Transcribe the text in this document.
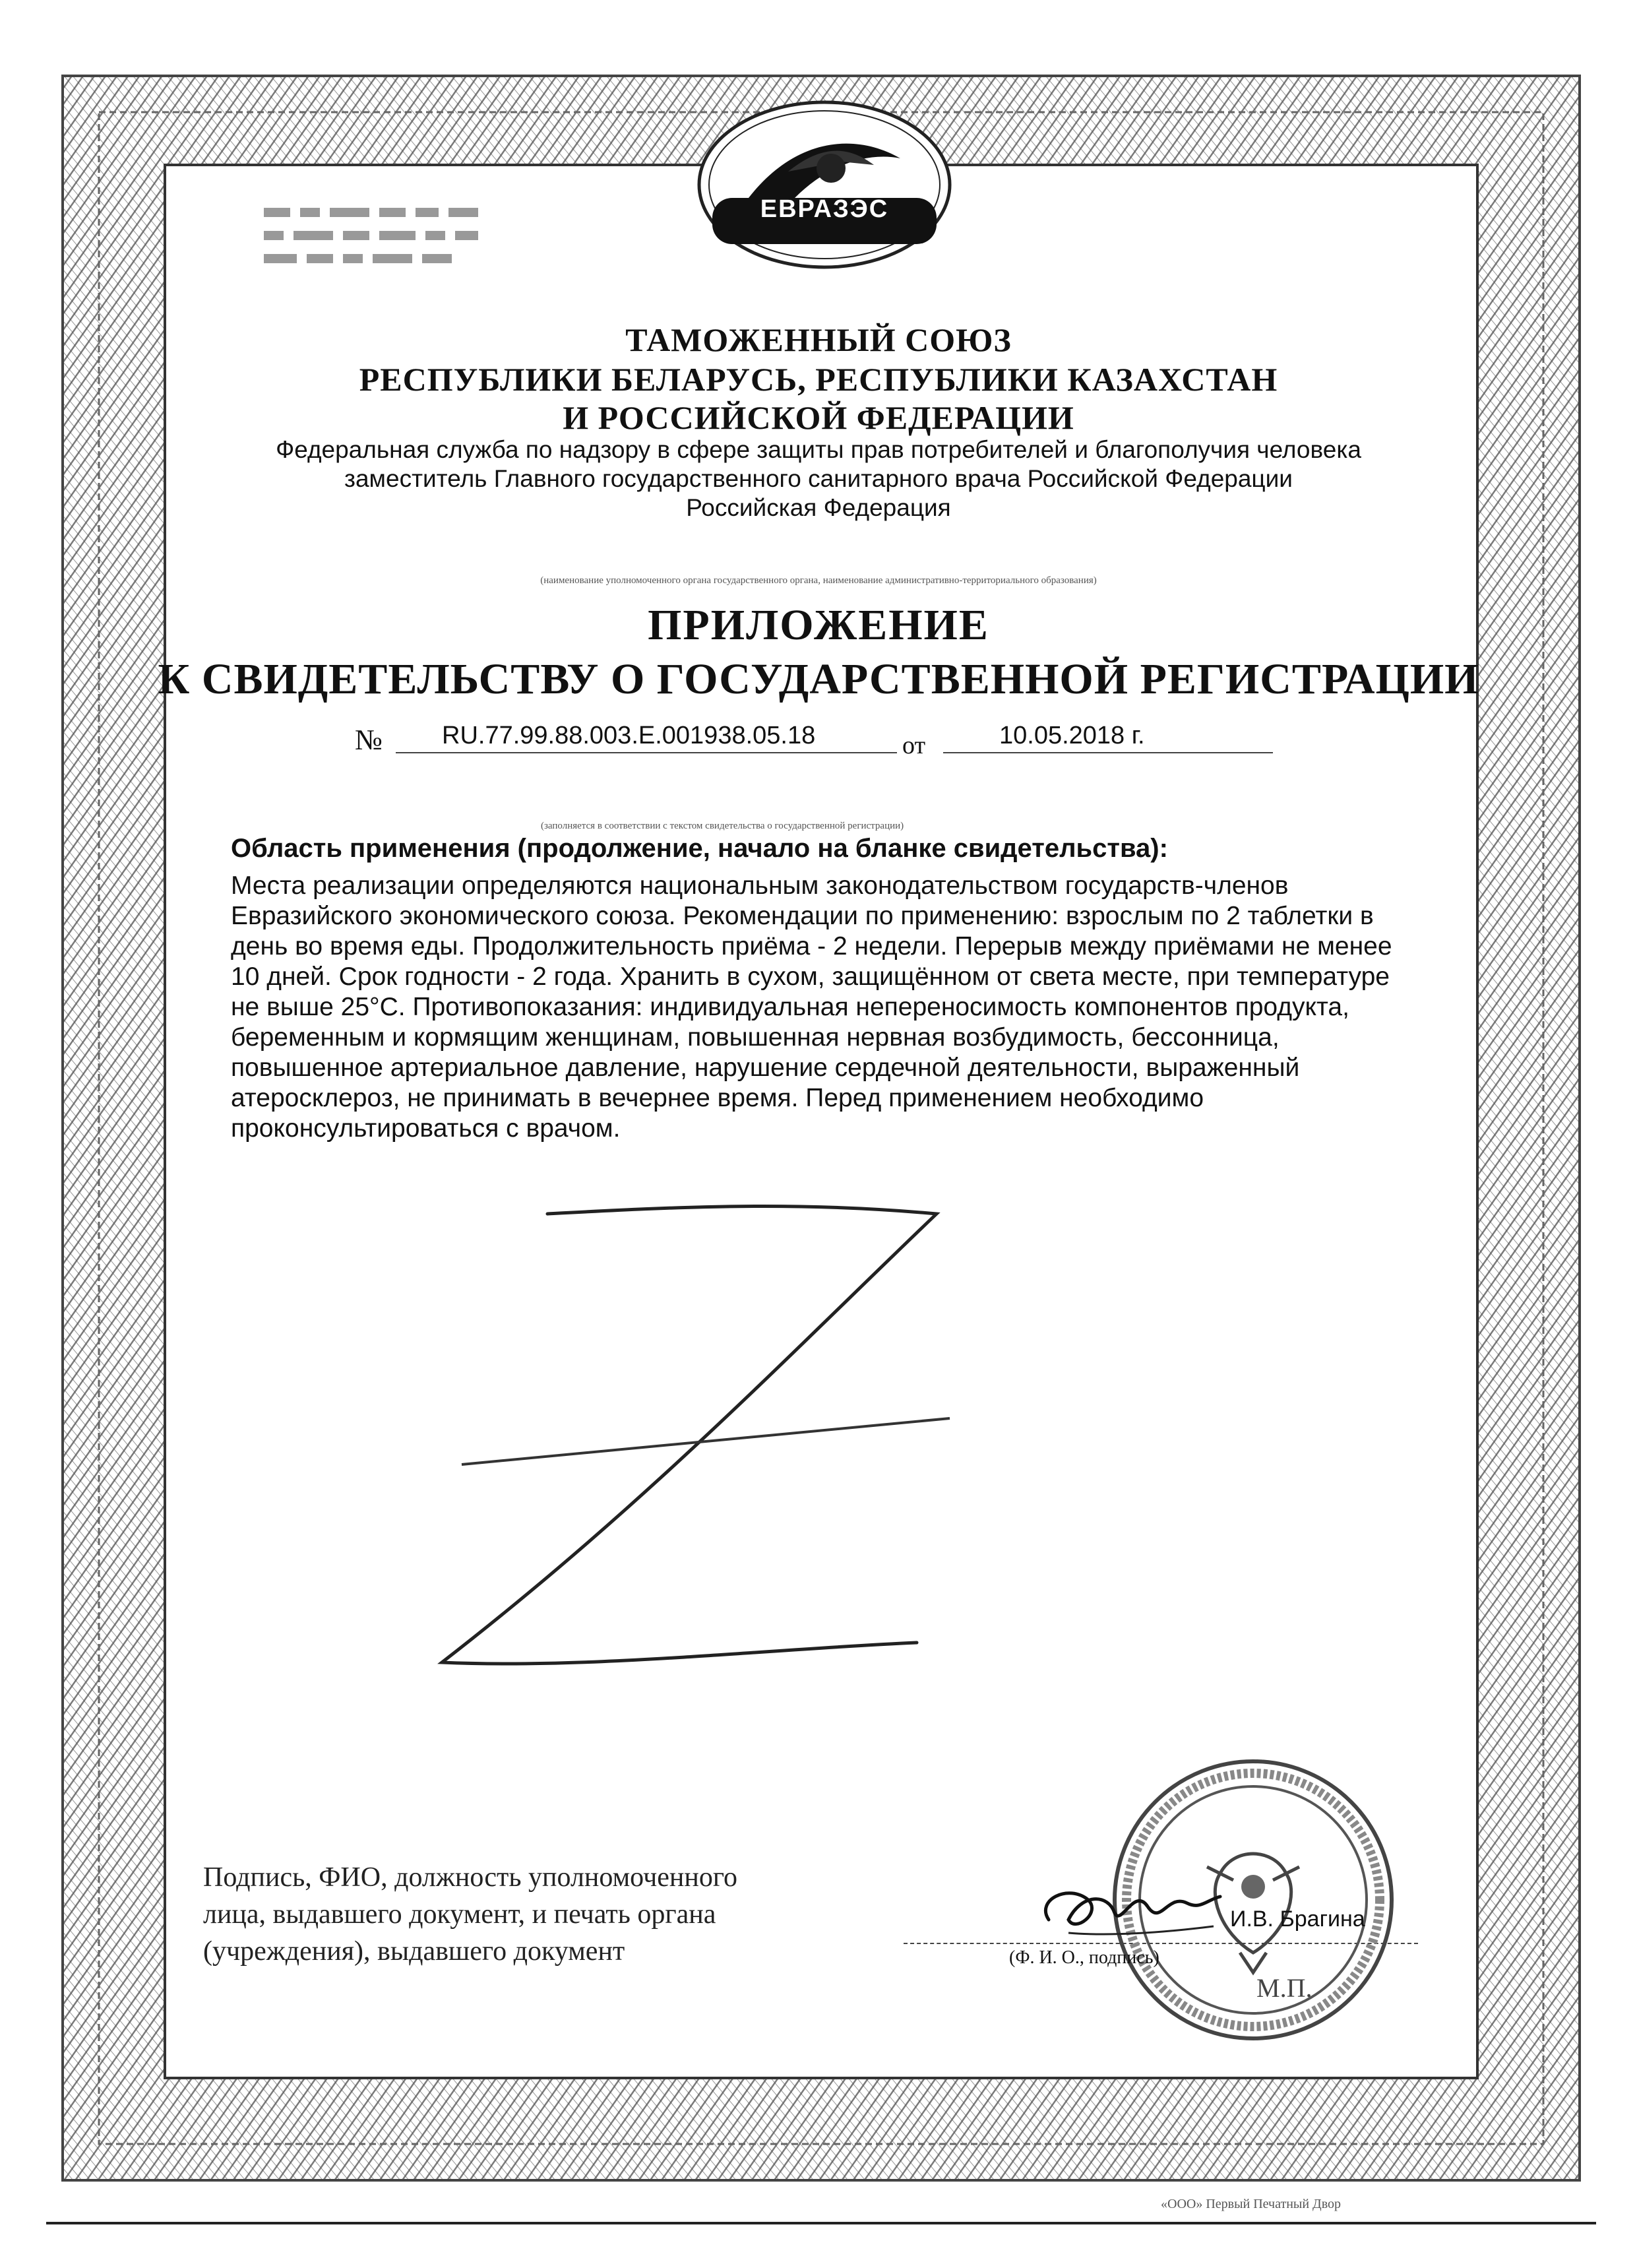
ЕВРАЗЭС
ТАМОЖЕННЫЙ СОЮЗ
РЕСПУБЛИКИ БЕЛАРУСЬ, РЕСПУБЛИКИ КАЗАХСТАН
И РОССИЙСКОЙ ФЕДЕРАЦИИ
Федеральная служба по надзору в сфере защиты прав потребителей и благополучия человека
заместитель Главного государственного санитарного врача Российской Федерации
Российская Федерация
(наименование уполномоченного органа государственного органа, наименование административно-территориального образования)
ПРИЛОЖЕНИЕ
К СВИДЕТЕЛЬСТВУ О ГОСУДАРСТВЕННОЙ РЕГИСТРАЦИИ
№ RU.77.99.88.003.Е.001938.05.18	от	10.05.2018 г.
(заполняется в соответствии с текстом свидетельства о государственной регистрации)
Область применения (продолжение, начало на бланке свидетельства):
Места реализации определяются национальным законодательством государств-членов
Евразийского экономического союза. Рекомендации по применению: взрослым по 2 таблетки в
день во время еды. Продолжительность приёма - 2 недели. Перерыв между приёмами не менее
10 дней. Срок годности - 2 года. Хранить в сухом, защищённом от света месте, при температуре
не выше 25°С. Противопоказания: индивидуальная непереносимость компонентов продукта,
беременным и кормящим женщинам, повышенная нервная возбудимость, бессонница,
повышенное артериальное давление, нарушение сердечной деятельности, выраженный
атеросклероз, не принимать в вечернее время. Перед применением необходимо
проконсультироваться с врачом.
Подпись, ФИО, должность уполномоченного
лица, выдавшего документ, и печать органа
(учреждения), выдавшего документ
И.В. Брагина
(Ф. И. О., подпись)
М.П.
«ООО» Первый Печатный Двор
